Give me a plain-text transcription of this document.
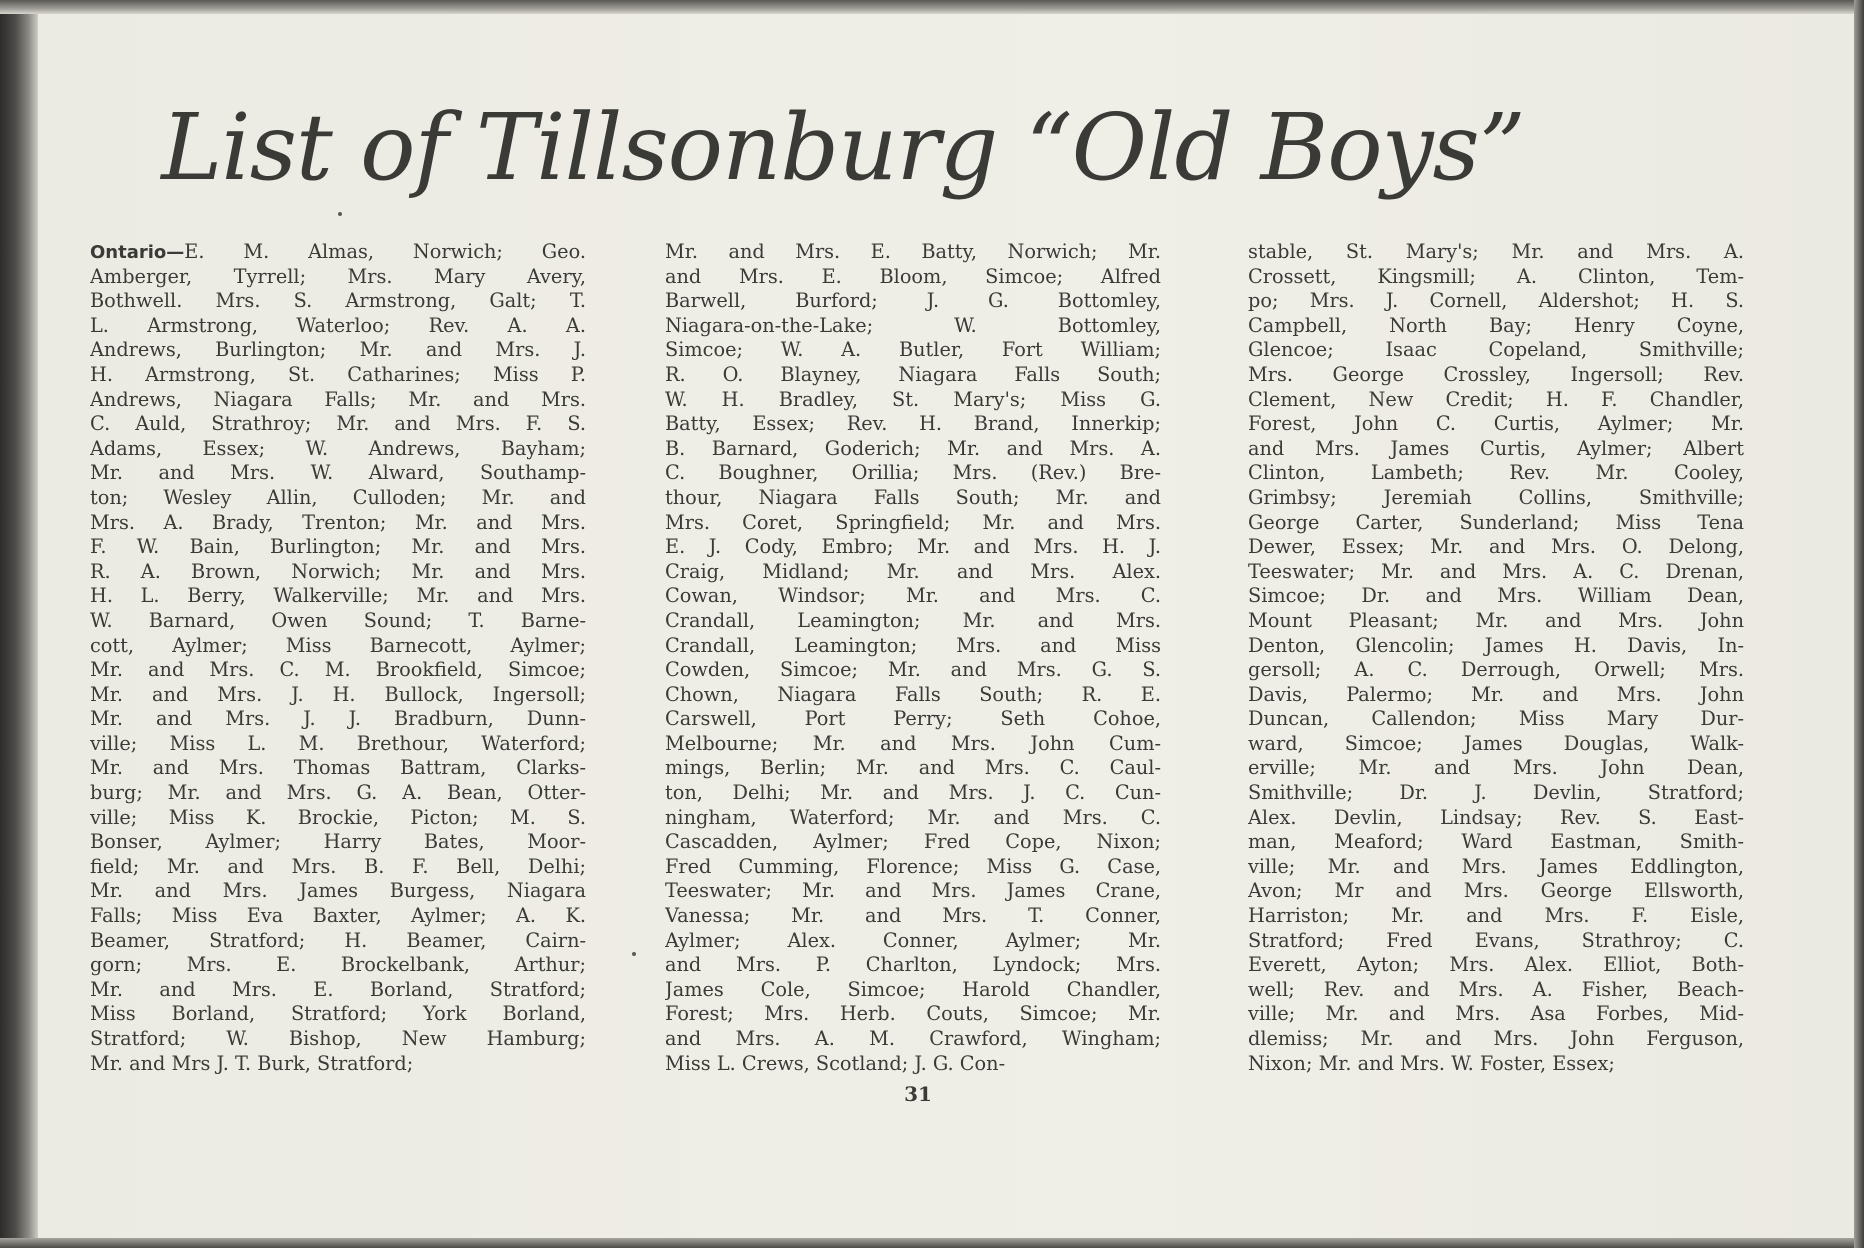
List of Tillsonburg “Old Boys”
Ontario—E. M. Almas, Norwich; Geo.
Amberger, Tyrrell; Mrs. Mary Avery,
Bothwell. Mrs. S. Armstrong, Galt; T.
L. Armstrong, Waterloo; Rev. A. A.
Andrews, Burlington; Mr. and Mrs. J.
H. Armstrong, St. Catharines; Miss P.
Andrews, Niagara Falls; Mr. and Mrs.
C. Auld, Strathroy; Mr. and Mrs. F. S.
Adams, Essex; W. Andrews, Bayham;
Mr. and Mrs. W. Alward, Southamp-
ton; Wesley Allin, Culloden; Mr. and
Mrs. A. Brady, Trenton; Mr. and Mrs.
F. W. Bain, Burlington; Mr. and Mrs.
R. A. Brown, Norwich; Mr. and Mrs.
H. L. Berry, Walkerville; Mr. and Mrs.
W. Barnard, Owen Sound; T. Barne-
cott, Aylmer; Miss Barnecott, Aylmer;
Mr. and Mrs. C. M. Brookfield, Simcoe;
Mr. and Mrs. J. H. Bullock, Ingersoll;
Mr. and Mrs. J. J. Bradburn, Dunn-
ville; Miss L. M. Brethour, Waterford;
Mr. and Mrs. Thomas Battram, Clarks-
burg; Mr. and Mrs. G. A. Bean, Otter-
ville; Miss K. Brockie, Picton; M. S.
Bonser, Aylmer; Harry Bates, Moor-
field; Mr. and Mrs. B. F. Bell, Delhi;
Mr. and Mrs. James Burgess, Niagara
Falls; Miss Eva Baxter, Aylmer; A. K.
Beamer, Stratford; H. Beamer, Cairn-
gorn; Mrs. E. Brockelbank, Arthur;
Mr. and Mrs. E. Borland, Stratford;
Miss Borland, Stratford; York Borland,
Stratford; W. Bishop, New Hamburg;
Mr. and Mrs J. T. Burk, Stratford;
Mr. and Mrs. E. Batty, Norwich; Mr.
and Mrs. E. Bloom, Simcoe; Alfred
Barwell, Burford; J. G. Bottomley,
Niagara-on-the-Lake; W. Bottomley,
Simcoe; W. A. Butler, Fort William;
R. O. Blayney, Niagara Falls South;
W. H. Bradley, St. Mary's; Miss G.
Batty, Essex; Rev. H. Brand, Innerkip;
B. Barnard, Goderich; Mr. and Mrs. A.
C. Boughner, Orillia; Mrs. (Rev.) Bre-
thour, Niagara Falls South; Mr. and
Mrs. Coret, Springfield; Mr. and Mrs.
E. J. Cody, Embro; Mr. and Mrs. H. J.
Craig, Midland; Mr. and Mrs. Alex.
Cowan, Windsor; Mr. and Mrs. C.
Crandall, Leamington; Mr. and Mrs.
Crandall, Leamington; Mrs. and Miss
Cowden, Simcoe; Mr. and Mrs. G. S.
Chown, Niagara Falls South; R. E.
Carswell, Port Perry; Seth Cohoe,
Melbourne; Mr. and Mrs. John Cum-
mings, Berlin; Mr. and Mrs. C. Caul-
ton, Delhi; Mr. and Mrs. J. C. Cun-
ningham, Waterford; Mr. and Mrs. C.
Cascadden, Aylmer; Fred Cope, Nixon;
Fred Cumming, Florence; Miss G. Case,
Teeswater; Mr. and Mrs. James Crane,
Vanessa; Mr. and Mrs. T. Conner,
Aylmer; Alex. Conner, Aylmer; Mr.
and Mrs. P. Charlton, Lyndock; Mrs.
James Cole, Simcoe; Harold Chandler,
Forest; Mrs. Herb. Couts, Simcoe; Mr.
and Mrs. A. M. Crawford, Wingham;
Miss L. Crews, Scotland; J. G. Con-
stable, St. Mary's; Mr. and Mrs. A.
Crossett, Kingsmill; A. Clinton, Tem-
po; Mrs. J. Cornell, Aldershot; H. S.
Campbell, North Bay; Henry Coyne,
Glencoe; Isaac Copeland, Smithville;
Mrs. George Crossley, Ingersoll; Rev.
Clement, New Credit; H. F. Chandler,
Forest, John C. Curtis, Aylmer; Mr.
and Mrs. James Curtis, Aylmer; Albert
Clinton, Lambeth; Rev. Mr. Cooley,
Grimbsy; Jeremiah Collins, Smithville;
George Carter, Sunderland; Miss Tena
Dewer, Essex; Mr. and Mrs. O. Delong,
Teeswater; Mr. and Mrs. A. C. Drenan,
Simcoe; Dr. and Mrs. William Dean,
Mount Pleasant; Mr. and Mrs. John
Denton, Glencolin; James H. Davis, In-
gersoll; A. C. Derrough, Orwell; Mrs.
Davis, Palermo; Mr. and Mrs. John
Duncan, Callendon; Miss Mary Dur-
ward, Simcoe; James Douglas, Walk-
erville; Mr. and Mrs. John Dean,
Smithville; Dr. J. Devlin, Stratford;
Alex. Devlin, Lindsay; Rev. S. East-
man, Meaford; Ward Eastman, Smith-
ville; Mr. and Mrs. James Eddlington,
Avon; Mr and Mrs. George Ellsworth,
Harriston; Mr. and Mrs. F. Eisle,
Stratford; Fred Evans, Strathroy; C.
Everett, Ayton; Mrs. Alex. Elliot, Both-
well; Rev. and Mrs. A. Fisher, Beach-
ville; Mr. and Mrs. Asa Forbes, Mid-
dlemiss; Mr. and Mrs. John Ferguson,
Nixon; Mr. and Mrs. W. Foster, Essex;
31
